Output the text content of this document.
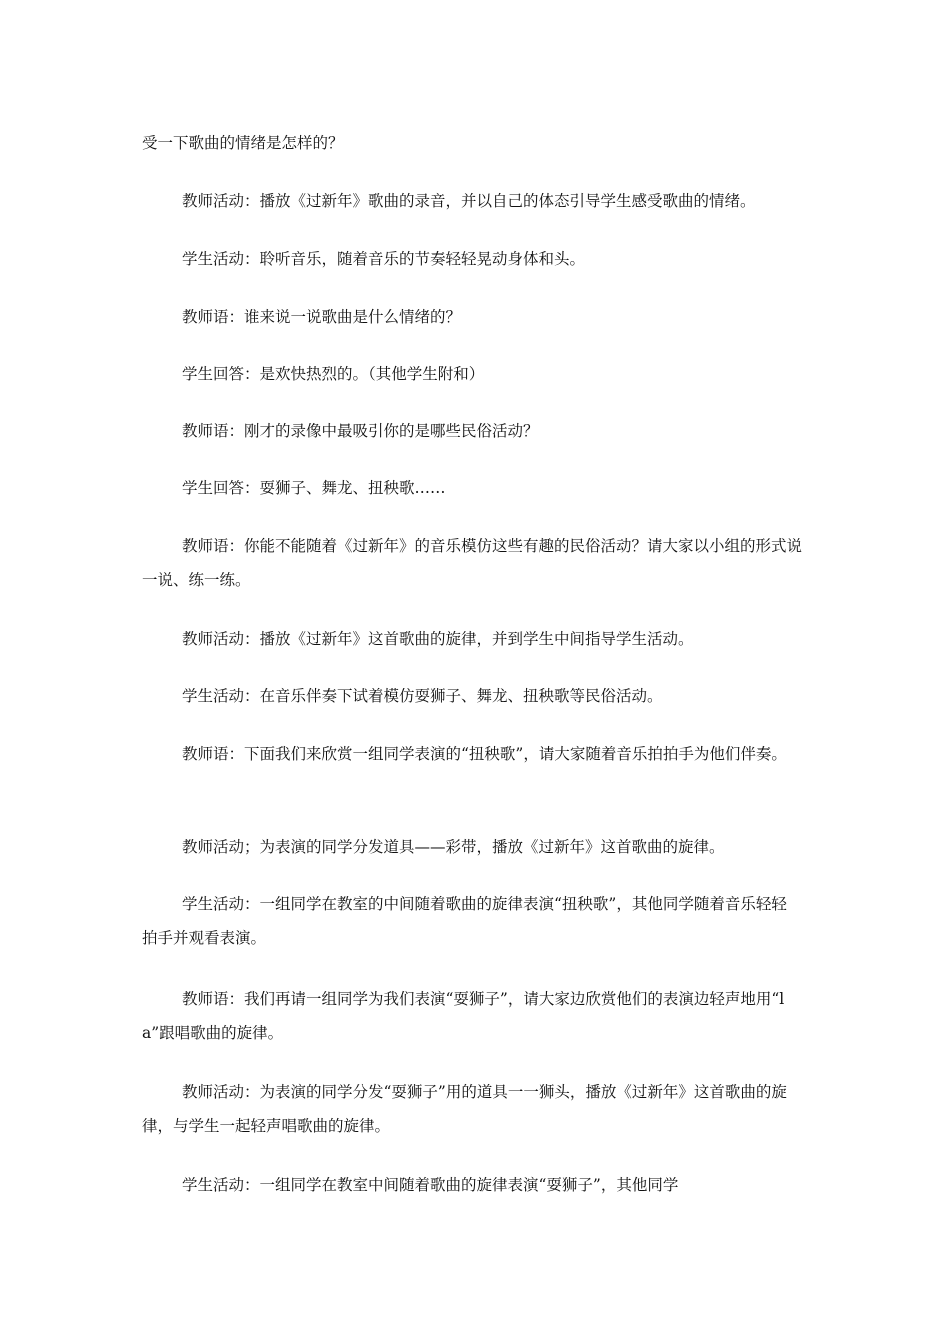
受一下歌曲的情绪是怎样的？

教师活动：播放《过新年》歌曲的录音，并以自己的体态引导学生感受歌曲的情绪。

学生活动：聆听音乐，随着音乐的节奏轻轻晃动身体和头。

教师语：谁来说一说歌曲是什么情绪的？

学生回答：是欢快热烈的。（其他学生附和）

教师语：刚才的录像中最吸引你的是哪些民俗活动？

学生回答：耍狮子、舞龙、扭秧歌……

教师语：你能不能随着《过新年》的音乐模仿这些有趣的民俗活动？请大家以小组的形式说一说、练一练。

教师活动：播放《过新年》这首歌曲的旋律，并到学生中间指导学生活动。

学生活动：在音乐伴奏下试着模仿耍狮子、舞龙、扭秧歌等民俗活动。

教师语：下面我们来欣赏一组同学表演的“扭秧歌”，请大家随着音乐拍拍手为他们伴奏。

教师活动；为表演的同学分发道具——彩带，播放《过新年》这首歌曲的旋律。

学生活动：一组同学在教室的中间随着歌曲的旋律表演“扭秧歌”，其他同学随着音乐轻轻拍手并观看表演。

教师语：我们再请一组同学为我们表演“耍狮子”，请大家边欣赏他们的表演边轻声地用“la”跟唱歌曲的旋律。

教师活动：为表演的同学分发“耍狮子”用的道具一一狮头，播放《过新年》这首歌曲的旋律，与学生一起轻声唱歌曲的旋律。

学生活动：一组同学在教室中间随着歌曲的旋律表演“耍狮子”，其他同学
